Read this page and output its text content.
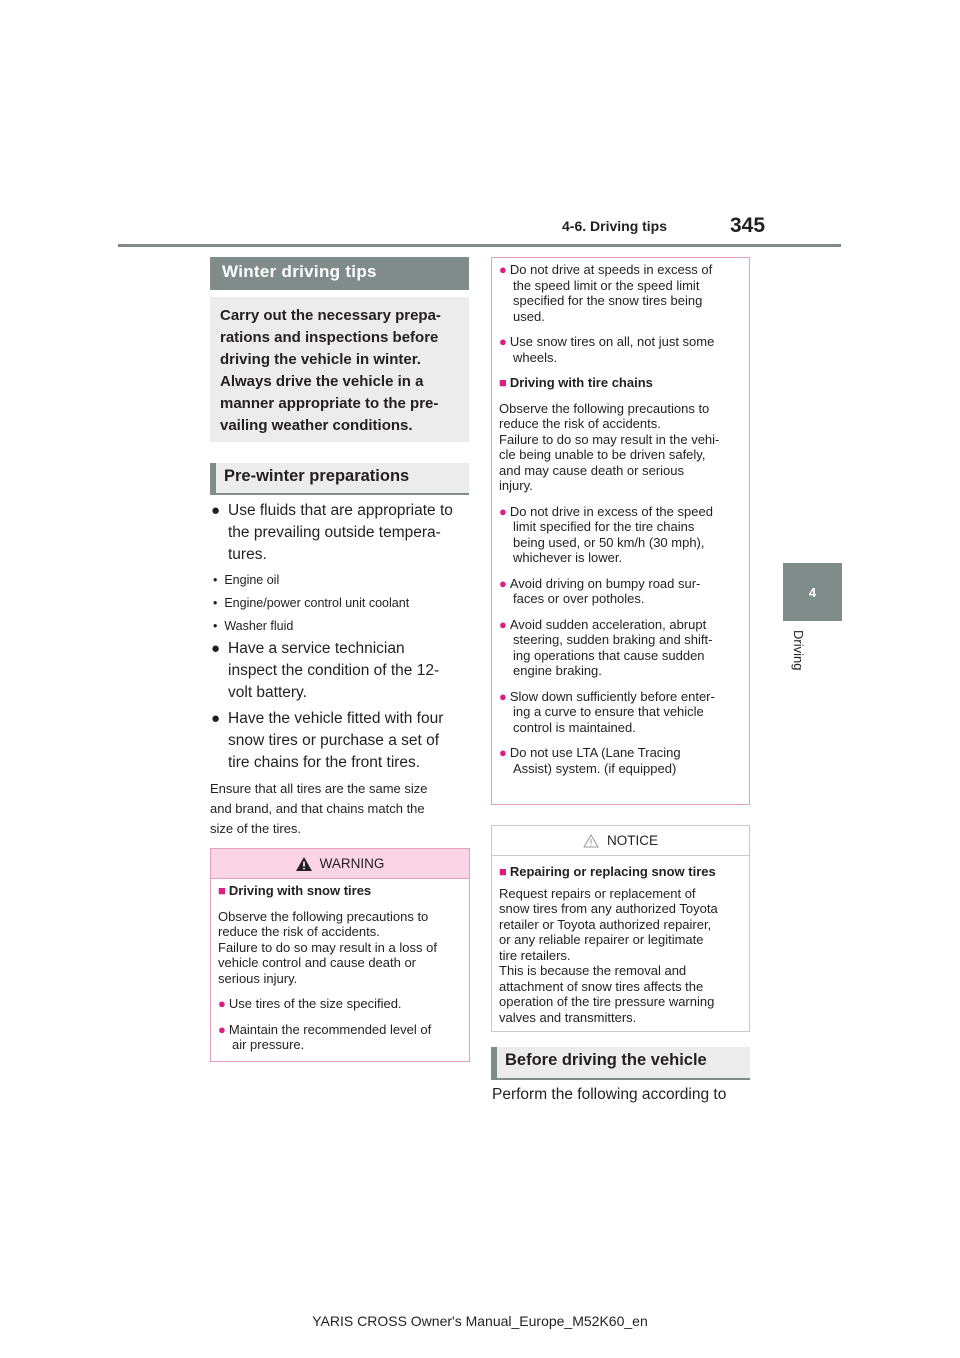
4-6. Driving tips	345
4
Driving
Winter driving tips
Carry out the necessary prepa-
rations and inspections before
driving the vehicle in winter.
Always drive the vehicle in a
manner appropriate to the pre-
vailing weather conditions.
Pre-winter preparations
● Use fluids that are appropriate to
the prevailing outside tempera-
tures.
•  Engine oil
•  Engine/power control unit coolant
•  Washer fluid
● Have a service technician
inspect the condition of the 12-
volt battery.
● Have the vehicle fitted with four
snow tires or purchase a set of
tire chains for the front tires.
Ensure that all tires are the same size
and brand, and that chains match the
size of the tires.
WARNING

■ Driving with snow tires

Observe the following precautions to
reduce the risk of accidents.
Failure to do so may result in a loss of
vehicle control and cause death or
serious injury.

● Use tires of the size specified.

● Maintain the recommended level of
air pressure.

● Do not drive at speeds in excess of
the speed limit or the speed limit
specified for the snow tires being
used.

● Use snow tires on all, not just some
wheels.

■ Driving with tire chains

Observe the following precautions to
reduce the risk of accidents.
Failure to do so may result in the vehi-
cle being unable to be driven safely,
and may cause death or serious
injury.

● Do not drive in excess of the speed
limit specified for the tire chains
being used, or 50 km/h (30 mph),
whichever is lower.

● Avoid driving on bumpy road sur-
faces or over potholes.

● Avoid sudden acceleration, abrupt
steering, sudden braking and shift-
ing operations that cause sudden
engine braking.

● Slow down sufficiently before enter-
ing a curve to ensure that vehicle
control is maintained.

● Do not use LTA (Lane Tracing
Assist) system. (if equipped)

NOTICE

■ Repairing or replacing snow tires

Request repairs or replacement of
snow tires from any authorized Toyota
retailer or Toyota authorized repairer,
or any reliable repairer or legitimate
tire retailers.
This is because the removal and
attachment of snow tires affects the
operation of the tire pressure warning
valves and transmitters.

Before driving the vehicle
Perform the following according to
YARIS CROSS Owner's Manual_Europe_M52K60_en
